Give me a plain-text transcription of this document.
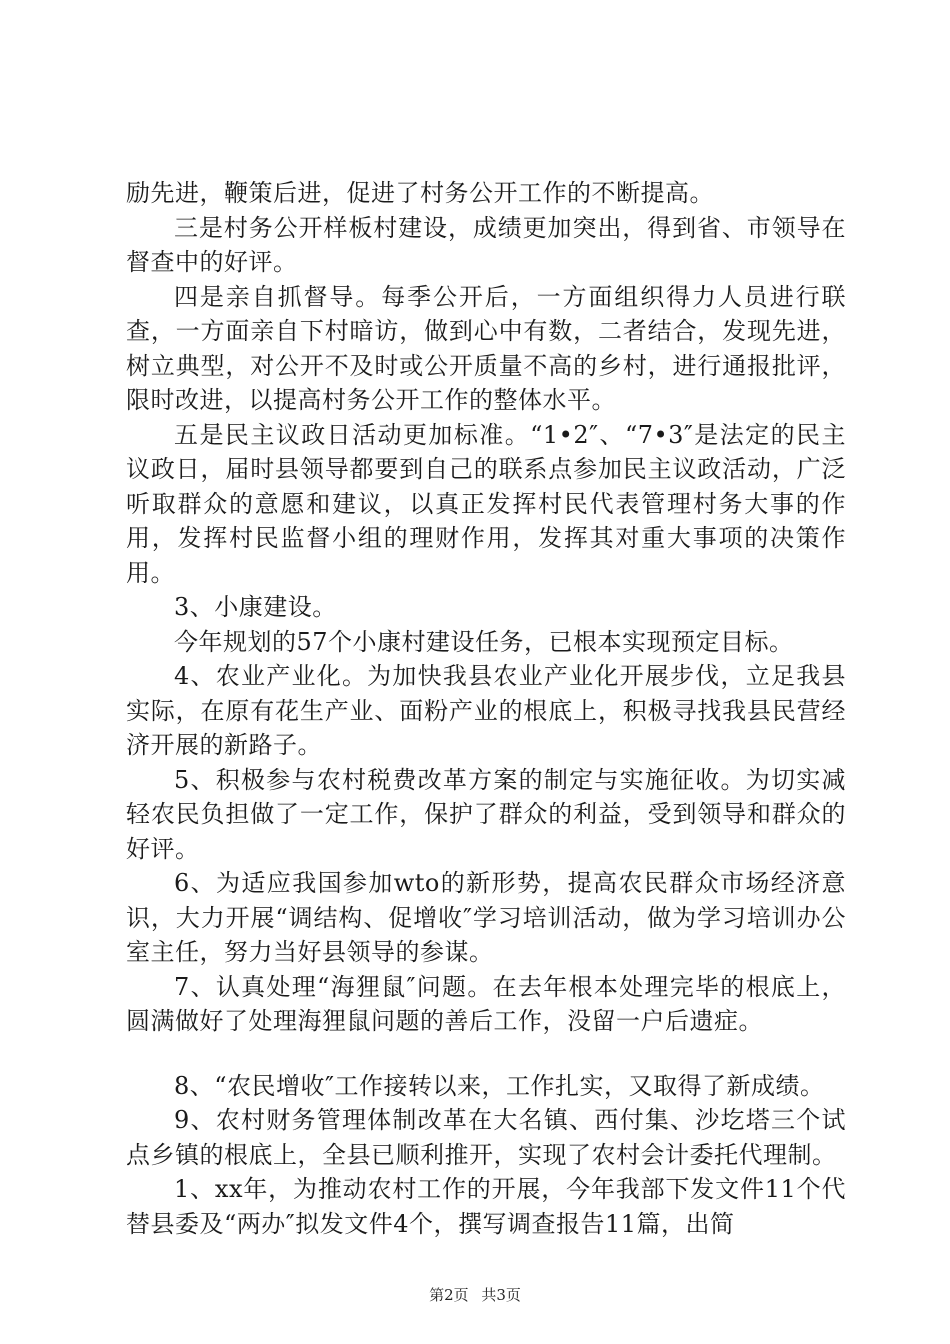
励先进，鞭策后进，促进了村务公开工作的不断提高。

三是村务公开样板村建设，成绩更加突出，得到省、市领导在督查中的好评。

四是亲自抓督导。每季公开后，一方面组织得力人员进行联查，一方面亲自下村暗访，做到心中有数，二者结合，发现先进，树立典型，对公开不及时或公开质量不高的乡村，进行通报批评，限时改进，以提高村务公开工作的整体水平。

五是民主议政日活动更加标准。“1•2″、“7•3″是法定的民主议政日，届时县领导都要到自己的联系点参加民主议政活动，广泛听取群众的意愿和建议，以真正发挥村民代表管理村务大事的作用，发挥村民监督小组的理财作用，发挥其对重大事项的决策作用。

3、小康建设。

今年规划的57个小康村建设任务，已根本实现预定目标。

4、农业产业化。为加快我县农业产业化开展步伐，立足我县实际，在原有花生产业、面粉产业的根底上，积极寻找我县民营经济开展的新路子。

5、积极参与农村税费改革方案的制定与实施征收。为切实减轻农民负担做了一定工作，保护了群众的利益，受到领导和群众的好评。

6、为适应我国参加wto的新形势，提高农民群众市场经济意识，大力开展“调结构、促增收″学习培训活动，做为学习培训办公室主任，努力当好县领导的参谋。

7、认真处理“海狸鼠″问题。在去年根本处理完毕的根底上，圆满做好了处理海狸鼠问题的善后工作，没留一户后遗症。

8、“农民增收″工作接转以来，工作扎实，又取得了新成绩。

9、农村财务管理体制改革在大名镇、西付集、沙圪塔三个试点乡镇的根底上，全县已顺利推开，实现了农村会计委托代理制。

1、xx年，为推动农村工作的开展，今年我部下发文件11个代替县委及“两办″拟发文件4个，撰写调查报告11篇，出简

第2页 共3页
